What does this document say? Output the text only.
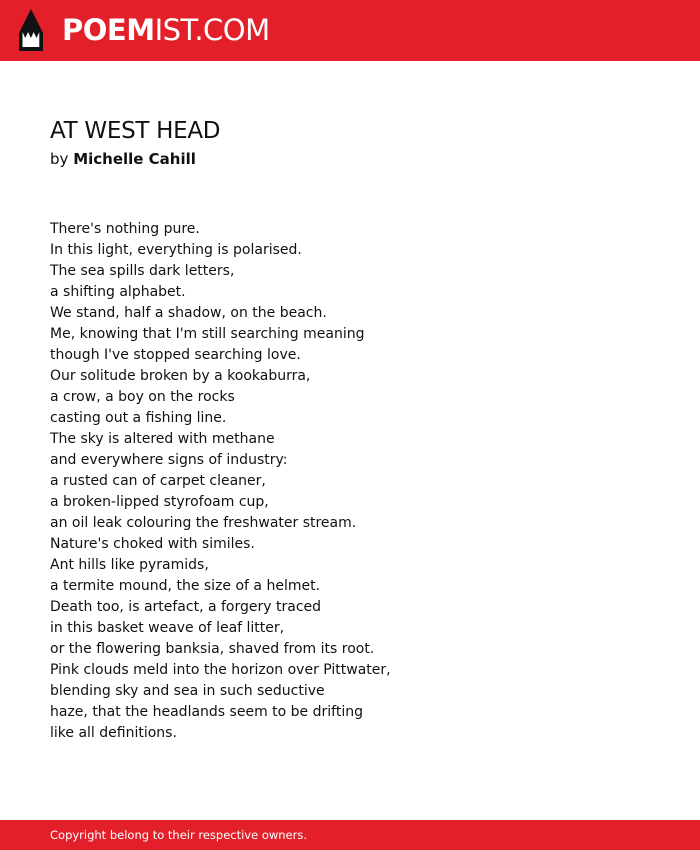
POEMIST.COM
AT WEST HEAD
by Michelle Cahill
There's nothing pure.
In this light, everything is polarised.
The sea spills dark letters,
a shifting alphabet.
We stand, half a shadow, on the beach.
Me, knowing that I'm still searching meaning
though I've stopped searching love.
Our solitude broken by a kookaburra,
a crow, a boy on the rocks
casting out a fishing line.
The sky is altered with methane
and everywhere signs of industry:
a rusted can of carpet cleaner,
a broken-lipped styrofoam cup,
an oil leak colouring the freshwater stream.
Nature's choked with similes.
Ant hills like pyramids,
a termite mound, the size of a helmet.
Death too, is artefact, a forgery traced
in this basket weave of leaf litter,
or the flowering banksia, shaved from its root.
Pink clouds meld into the horizon over Pittwater,
blending sky and sea in such seductive
haze, that the headlands seem to be drifting
like all definitions.
Copyright belong to their respective owners.
